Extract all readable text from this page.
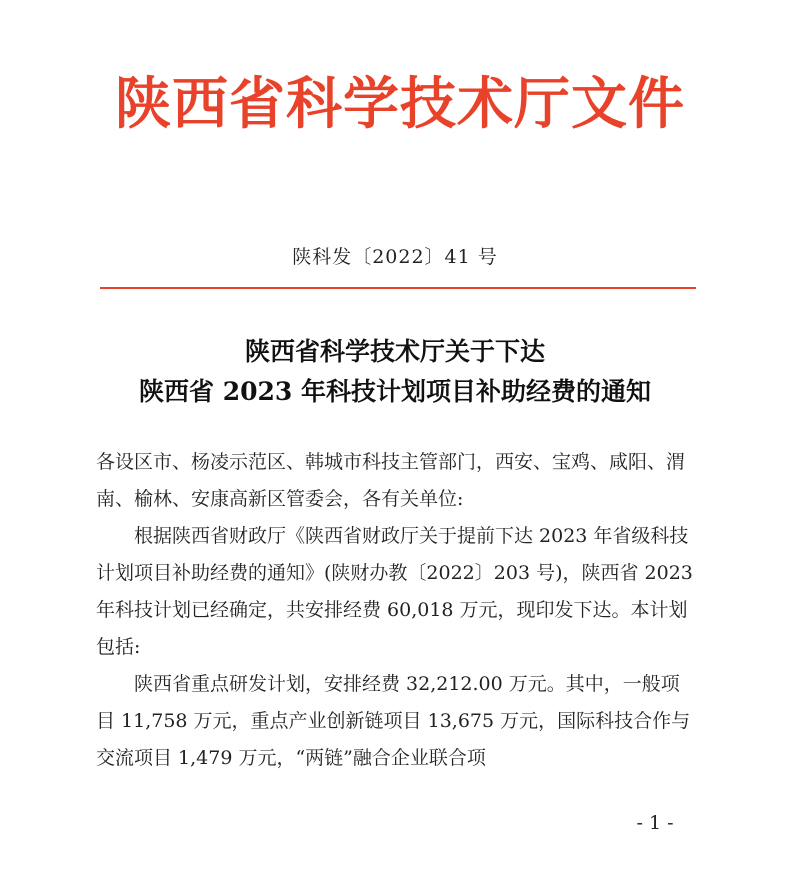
陕西省科学技术厅文件
陕科发〔2022〕41 号
陕西省科学技术厅关于下达
陕西省 2023 年科技计划项目补助经费的通知

各设区市、杨凌示范区、韩城市科技主管部门，西安、宝鸡、咸阳、渭南、榆林、安康高新区管委会，各有关单位:

根据陕西省财政厅《陕西省财政厅关于提前下达 2023 年省级科技计划项目补助经费的通知》(陕财办教〔2022〕203 号)，陕西省 2023 年科技计划已经确定，共安排经费 60,018 万元，现印发下达。本计划包括:

陕西省重点研发计划，安排经费 32,212.00 万元。其中，一般项目 11,758 万元，重点产业创新链项目 13,675 万元，国际科技合作与交流项目 1,479 万元，“两链”融合企业联合项

- 1 -
